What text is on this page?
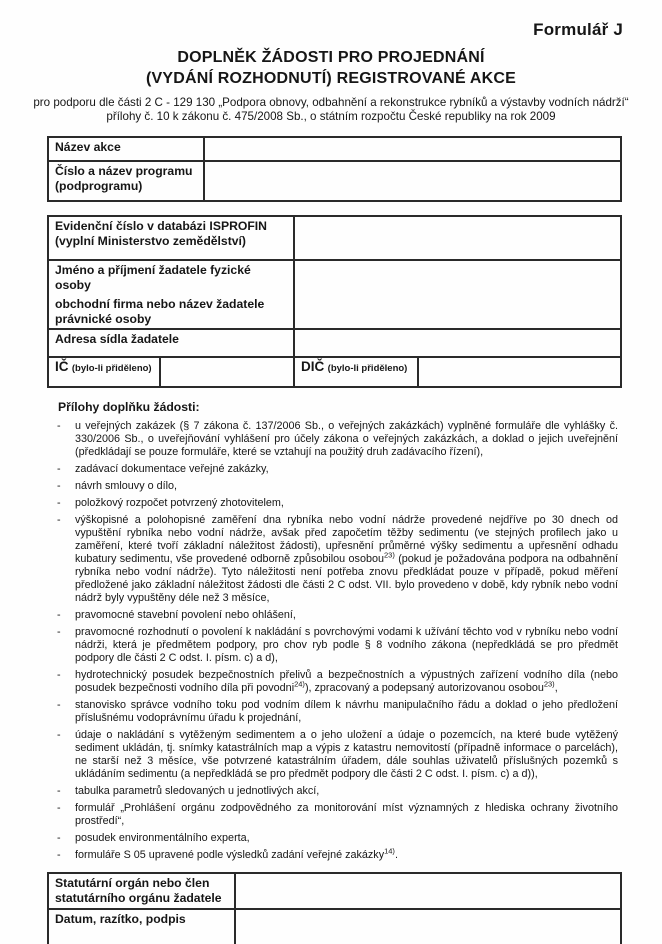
Formulář J
DOPLNĚK ŽÁDOSTI PRO PROJEDNÁNÍ
(VYDÁNÍ ROZHODNUTÍ) REGISTROVANÉ AKCE
pro podporu dle části 2 C - 129 130 „Podpora obnovy, odbahnění a rekonstrukce rybníků a výstavby vodních nádrží“ přílohy č. 10 k zákonu č. 475/2008 Sb., o státním rozpočtu České republiky na rok 2009
Název akce	
Číslo a název programu (podprogramu)	
Evidenční číslo v databázi ISPROFIN
(vyplní Ministerstvo zemědělství)			

Jméno a příjmení žadatele fyzické osoby
obchodní firma nebo název žadatele právnické osoby			

Adresa sídla žadatele			

IČ (bylo-li přiděleno)		DIČ (bylo-li přiděleno)	
Přílohy doplňku žádosti:
-	u veřejných zakázek (§ 7 zákona č. 137/2006 Sb., o veřejných zakázkách) vyplněné formuláře dle vyhlášky č. 330/2006 Sb., o uveřejňování vyhlášení pro účely zákona o veřejných zakázkách, a doklad o jejich uveřejnění (předkládají se pouze formuláře, které se vztahují na použitý druh zadávacího řízení),
-	zadávací dokumentace veřejné zakázky,
-	návrh smlouvy o dílo,
-	položkový rozpočet potvrzený zhotovitelem,
-	výškopisné a polohopisné zaměření dna rybníka nebo vodní nádrže provedené nejdříve po 30 dnech od vypuštění rybníka nebo vodní nádrže, avšak před započetím těžby sedimentu (ve stejných profilech jako u zaměření, které tvoří základní náležitost žádosti), upřesnění průměrné výšky sedimentu a upřesnění odhadu kubatury sedimentu, vše provedené odborně způsobilou osobou$^{23)}$ (pokud je požadována podpora na odbahnění rybníka nebo vodní nádrže). Tyto náležitosti není potřeba znovu předkládat pouze v případě, pokud měření předložené jako základní náležitost žádosti dle části 2 C odst. VII. bylo provedeno v době, kdy rybník nebo vodní nádrž byly vypuštěny déle než 3 měsíce,
-	pravomocné stavební povolení nebo ohlášení,
-	pravomocné rozhodnutí o povolení k nakládání s povrchovými vodami k užívání těchto vod v rybníku nebo vodní nádrži, která je předmětem podpory, pro chov ryb podle § 8 vodního zákona (nepředkládá se pro předmět podpory dle části 2 C odst. I. písm. c) a d),
-	hydrotechnický posudek bezpečnostních přelivů a bezpečnostních a výpustných zařízení vodního díla (nebo posudek bezpečnosti vodního díla při povodni$^{24)}$), zpracovaný a podepsaný autorizovanou osobou$^{23)}$,
-	stanovisko správce vodního toku pod vodním dílem k návrhu manipulačního řádu a doklad o jeho předložení příslušnému vodoprávnímu úřadu k projednání,
-	údaje o nakládání s vytěženým sedimentem a o jeho uložení a údaje o pozemcích, na které bude vytěžený sediment ukládán, tj. snímky katastrálních map a výpis z katastru nemovitostí (případně informace o parcelách), ne starší než 3 měsíce, vše potvrzené katastrálním úřadem, dále souhlas uživatelů příslušných pozemků s ukládáním sedimentu (a nepředkládá se pro předmět podpory dle části 2 C odst. I. písm. c) a d)),
-	tabulka parametrů sledovaných u jednotlivých akcí,
-	formulář „Prohlášení orgánu zodpovědného za monitorování míst významných z hlediska ochrany životního prostředí“,
-	posudek environmentálního experta,
-	formuláře S 05 upravené podle výsledků zadání veřejné zakázky$^{14)}$.
Statutární orgán nebo člen statutárního orgánu žadatele	
Datum, razítko, podpis	
